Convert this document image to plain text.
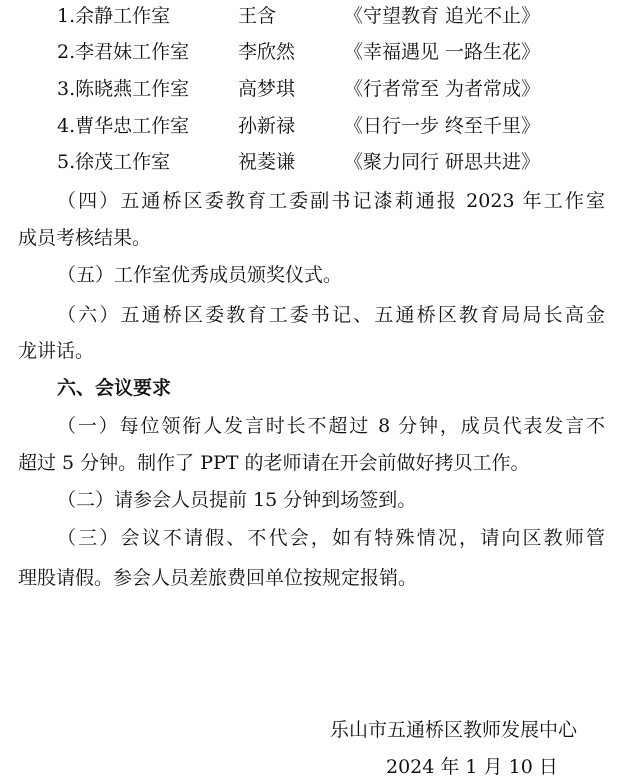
1.余静工作室	王含	《守望教育 追光不止》
2.李君妹工作室	李欣然	《幸福遇见 一路生花》
3.陈晓燕工作室	高梦琪	《行者常至 为者常成》
4.曹华忠工作室	孙新禄	《日行一步 终至千里》
5.徐茂工作室	祝菱谦	《聚力同行 研思共进》
（四）五通桥区委教育工委副书记漆莉通报 2023 年工作室
成员考核结果。
（五）工作室优秀成员颁奖仪式。
（六）五通桥区委教育工委书记、五通桥区教育局局长高金
龙讲话。
六、会议要求
（一）每位领衔人发言时长不超过 8 分钟，成员代表发言不
超过 5 分钟。制作了 PPT 的老师请在开会前做好拷贝工作。
（二）请参会人员提前 15 分钟到场签到。
（三）会议不请假、不代会，如有特殊情况，请向区教师管
理股请假。参会人员差旅费回单位按规定报销。
乐山市五通桥区教师发展中心
2024 年 1 月 10 日
